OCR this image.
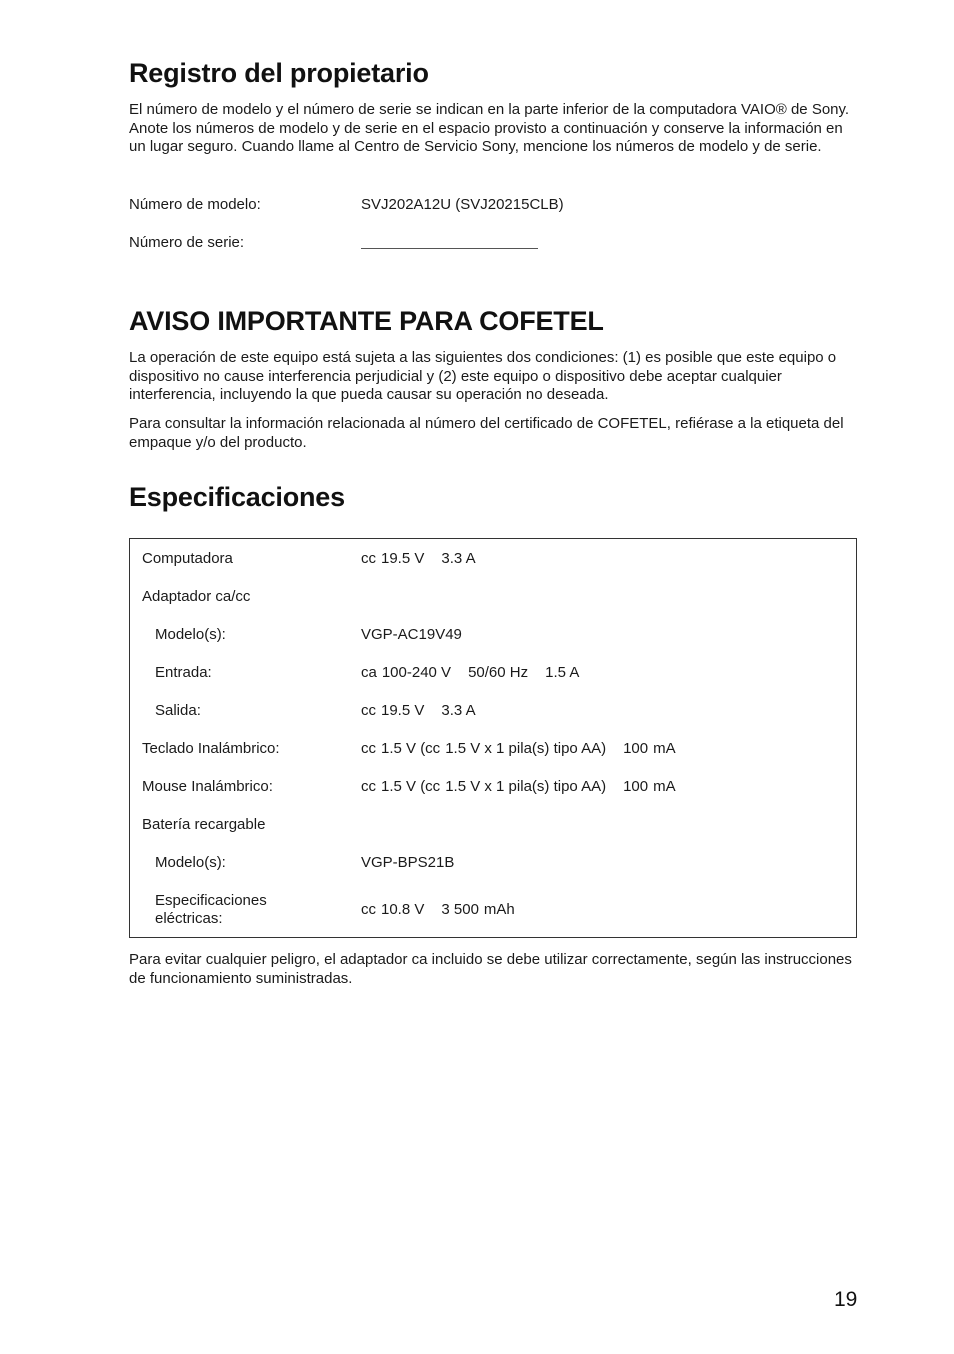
Registro del propietario

El número de modelo y el número de serie se indican en la parte inferior de la computadora VAIO® de Sony. Anote los números de modelo y de serie en el espacio provisto a continuación y conserve la información en un lugar seguro. Cuando llame al Centro de Servicio Sony, mencione los números de modelo y de serie.

Número de modelo:	SVJ202A12U (SVJ20215CLB)
Número de serie:
AVISO IMPORTANTE PARA COFETEL

La operación de este equipo está sujeta a las siguientes dos condiciones: (1) es posible que este equipo o dispositivo no cause interferencia perjudicial y (2) este equipo o dispositivo debe aceptar cualquier interferencia, incluyendo la que pueda causar su operación no deseada.

Para consultar la información relacionada al número del certificado de COFETEL, refiérase a la etiqueta del empaque y/o del producto.

Especificaciones
Computadora	cc 19.5 V 3.3 A
Adaptador ca/cc
Modelo(s):	VGP-AC19V49
Entrada:	ca 100-240 V 50/60 Hz 1.5 A
Salida:	cc 19.5 V 3.3 A
Teclado Inalámbrico:	cc 1.5 V (cc 1.5 V x 1 pila(s) tipo AA) 100 mA
Mouse Inalámbrico:	cc 1.5 V (cc 1.5 V x 1 pila(s) tipo AA) 100 mA
Batería recargable
Modelo(s):	VGP-BPS21B
Especificaciones eléctricas:	cc 10.8 V 3 500 mAh

Para evitar cualquier peligro, el adaptador ca incluido se debe utilizar correctamente, según las instrucciones de funcionamiento suministradas.

19
